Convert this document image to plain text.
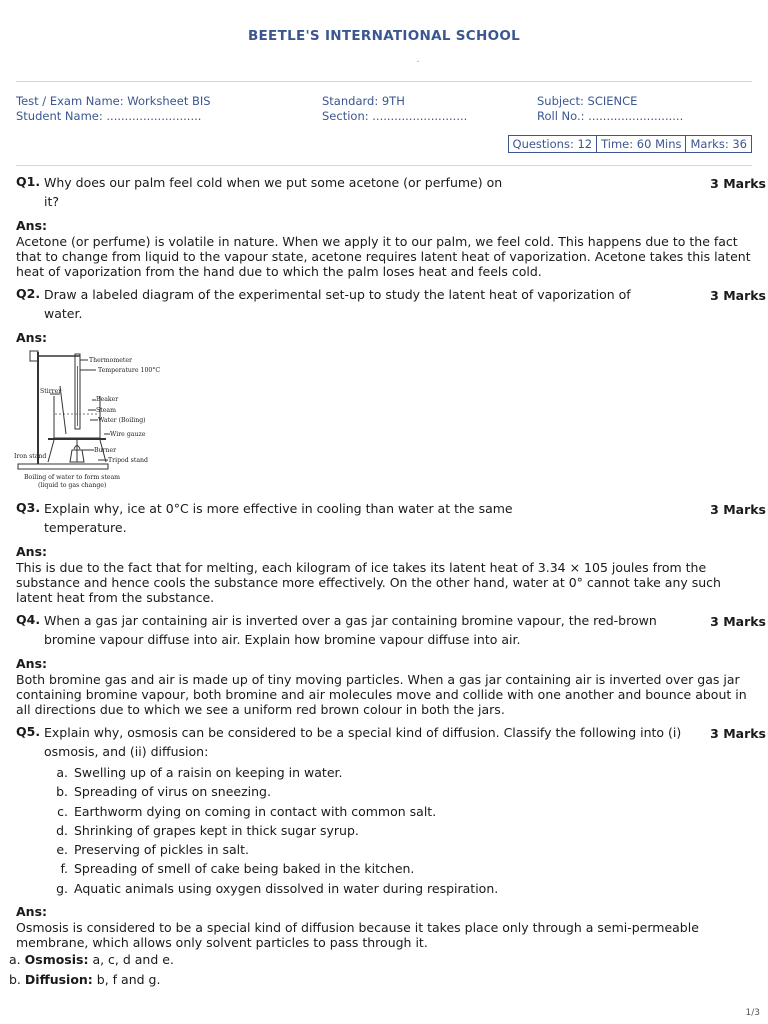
BEETLE'S INTERNATIONAL SCHOOL
.
Test / Exam Name: Worksheet BIS
Student Name: ..........................
Standard: 9TH
Section: ..........................
Subject: SCIENCE
Roll No.: ..........................
Questions: 12 Time: 60 Mins Marks: 36
Q1. Why does our palm feel cold when we put some acetone (or perfume) on it?
3 Marks
Ans:
Acetone (or perfume) is volatile in nature. When we apply it to our palm, we feel cold. This happens due to the fact that to change from liquid to the vapour state, acetone requires latent heat of vaporization. Acetone takes this latent heat of vaporization from the hand due to which the palm loses heat and feels cold.
Q2. Draw a labeled diagram of the experimental set-up to study the latent heat of vaporization of water.
3 Marks
Ans:
Thermometer
Temperature 100°C
Stirrer
Beaker
Steam
Water (Boiling)
Wire gauze
Iron stand
Burner
Tripod stand
Boiling of water to form steam
(liquid to gas change)
Q3. Explain why, ice at 0°C is more effective in cooling than water at the same temperature.
3 Marks
Ans:
This is due to the fact that for melting, each kilogram of ice takes its latent heat of 3.34 × 105 joules from the substance and hence cools the substance more effectively. On the other hand, water at 0° cannot take any such latent heat from the substance.
Q4. When a gas jar containing air is inverted over a gas jar containing bromine vapour, the red-brown bromine vapour diffuse into air. Explain how bromine vapour diffuse into air.
3 Marks
Ans:
Both bromine gas and air is made up of tiny moving particles. When a gas jar containing air is inverted over gas jar containing bromine vapour, both bromine and air molecules move and collide with one another and bounce about in all directions due to which we see a uniform red brown colour in both the jars.
Q5. Explain why, osmosis can be considered to be a special kind of diffusion. Classify the following into (i) osmosis, and (ii) diffusion:
3 Marks
a. Swelling up of a raisin on keeping in water.
b. Spreading of virus on sneezing.
c. Earthworm dying on coming in contact with common salt.
d. Shrinking of grapes kept in thick sugar syrup.
e. Preserving of pickles in salt.
f. Spreading of smell of cake being baked in the kitchen.
g. Aquatic animals using oxygen dissolved in water during respiration.
Ans:
Osmosis is considered to be a special kind of diffusion because it takes place only through a semi-permeable membrane, which allows only solvent particles to pass through it.
a. Osmosis: a, c, d and e.
b. Diffusion: b, f and g.
1/3
